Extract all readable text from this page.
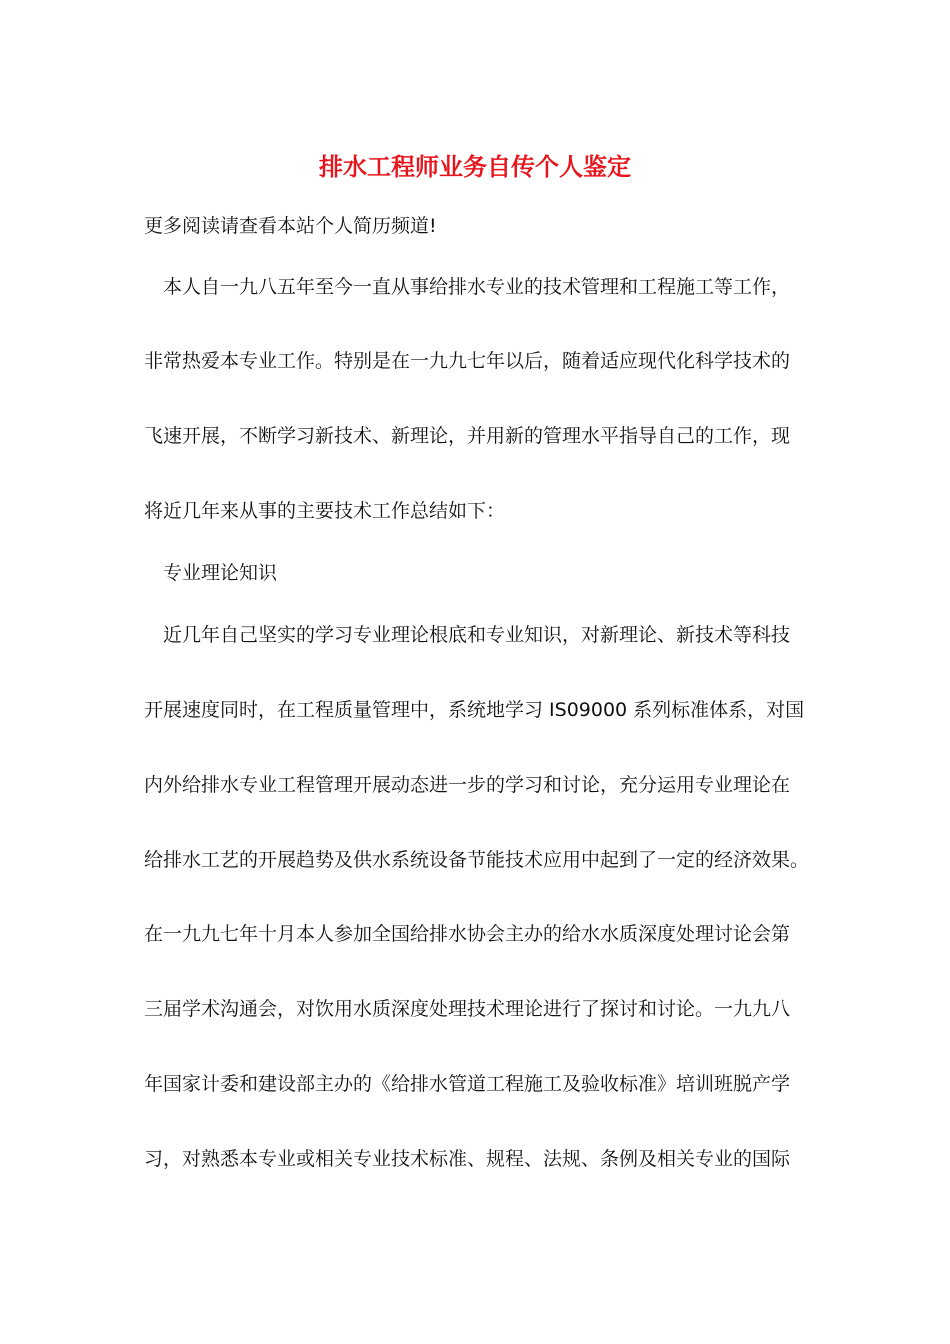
排水工程师业务自传个人鉴定
更多阅读请查看本站个人简历频道!
本人自一九八五年至今一直从事给排水专业的技术管理和工程施工等工作，
非常热爱本专业工作。特别是在一九九七年以后，随着适应现代化科学技术的
飞速开展，不断学习新技术、新理论，并用新的管理水平指导自己的工作，现
将近几年来从事的主要技术工作总结如下：
专业理论知识
近几年自己坚实的学习专业理论根底和专业知识，对新理论、新技术等科技
开展速度同时，在工程质量管理中，系统地学习 IS09000 系列标准体系，对国
内外给排水专业工程管理开展动态进一步的学习和讨论，充分运用专业理论在
给排水工艺的开展趋势及供水系统设备节能技术应用中起到了一定的经济效果。
在一九九七年十月本人参加全国给排水协会主办的给水水质深度处理讨论会第
三届学术沟通会，对饮用水质深度处理技术理论进行了探讨和讨论。一九九八
年国家计委和建设部主办的《给排水管道工程施工及验收标准》培训班脱产学
习，对熟悉本专业或相关专业技术标准、规程、法规、条例及相关专业的国际
